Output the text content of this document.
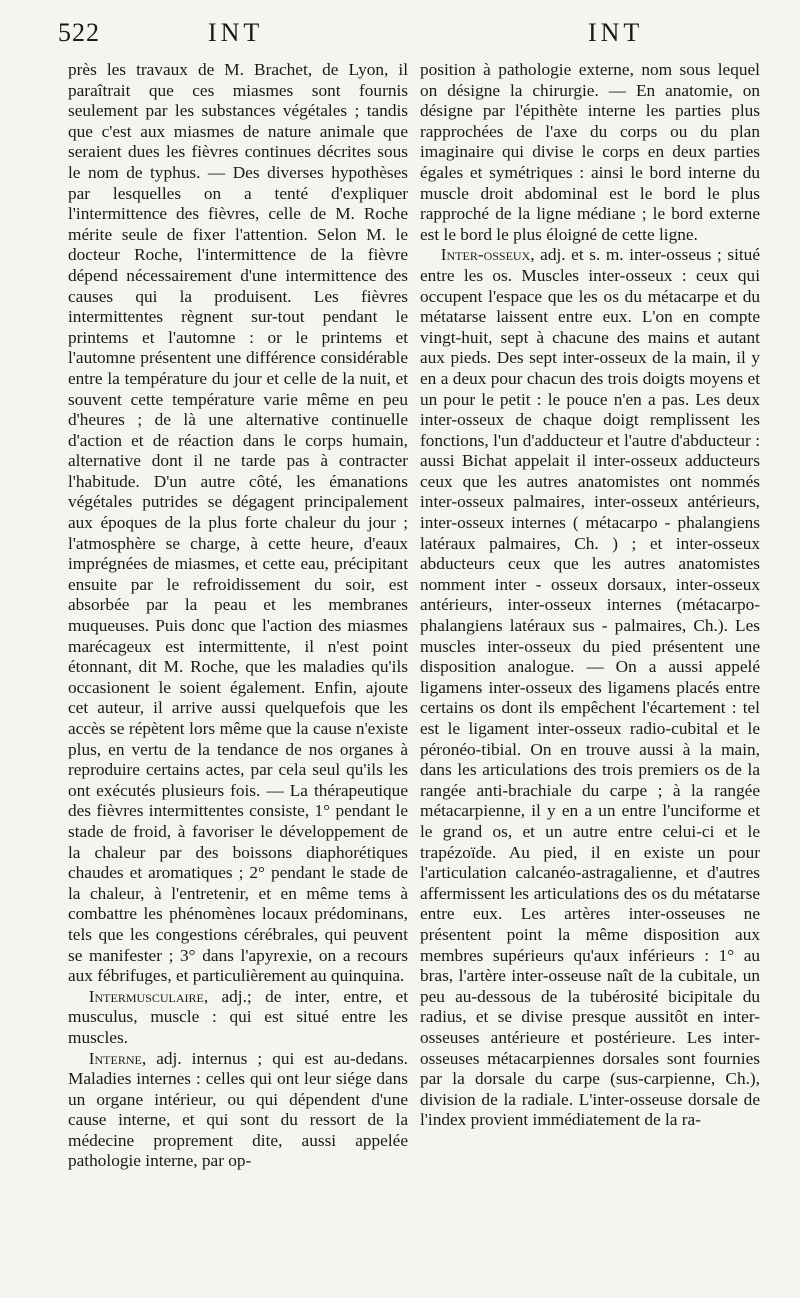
522	INT	INT

près les travaux de M. Brachet, de Lyon, il paraîtrait que ces miasmes sont fournis seulement par les substances végétales ; tandis que c'est aux miasmes de nature animale que seraient dues les fièvres continues décrites sous le nom de typhus. — Des diverses hypothèses par lesquelles on a tenté d'expliquer l'intermittence des fièvres, celle de M. Roche mérite seule de fixer l'attention. Selon M. le docteur Roche, l'intermittence de la fièvre dépend nécessairement d'une intermittence des causes qui la produisent. Les fièvres intermittentes règnent sur-tout pendant le printems et l'automne : or le printems et l'automne présentent une différence considérable entre la température du jour et celle de la nuit, et souvent cette température varie même en peu d'heures ; de là une alternative continuelle d'action et de réaction dans le corps humain, alternative dont il ne tarde pas à contracter l'habitude. D'un autre côté, les émanations végétales putrides se dégagent principalement aux époques de la plus forte chaleur du jour ; l'atmosphère se charge, à cette heure, d'eaux imprégnées de miasmes, et cette eau, précipitant ensuite par le refroidissement du soir, est absorbée par la peau et les membranes muqueuses. Puis donc que l'action des miasmes marécageux est intermittente, il n'est point étonnant, dit M. Roche, que les maladies qu'ils occasionent le soient également. Enfin, ajoute cet auteur, il arrive aussi quelquefois que les accès se répètent lors même que la cause n'existe plus, en vertu de la tendance de nos organes à reproduire certains actes, par cela seul qu'ils les ont exécutés plusieurs fois. — La thérapeutique des fièvres intermittentes consiste, 1° pendant le stade de froid, à favoriser le développement de la chaleur par des boissons diaphorétiques chaudes et aromatiques ; 2° pendant le stade de la chaleur, à l'entretenir, et en même tems à combattre les phénomènes locaux prédominans, tels que les congestions cérébrales, qui peuvent se manifester ; 3° dans l'apyrexie, on a recours aux fébrifuges, et particulièrement au quinquina.

Intermusculaire, adj.; de inter, entre, et musculus, muscle : qui est situé entre les muscles.

Interne, adj. internus ; qui est au-dedans. Maladies internes : celles qui ont leur siége dans un organe intérieur, ou qui dépendent d'une cause interne, et qui sont du ressort de la médecine proprement dite, aussi appelée pathologie interne, par op-

position à pathologie externe, nom sous lequel on désigne la chirurgie. — En anatomie, on désigne par l'épithète interne les parties plus rapprochées de l'axe du corps ou du plan imaginaire qui divise le corps en deux parties égales et symétriques : ainsi le bord interne du muscle droit abdominal est le bord le plus rapproché de la ligne médiane ; le bord externe est le bord le plus éloigné de cette ligne.

Inter-osseux, adj. et s. m. inter-osseus ; situé entre les os. Muscles inter-osseux : ceux qui occupent l'espace que les os du métacarpe et du métatarse laissent entre eux. L'on en compte vingt-huit, sept à chacune des mains et autant aux pieds. Des sept inter-osseux de la main, il y en a deux pour chacun des trois doigts moyens et un pour le petit : le pouce n'en a pas. Les deux inter-osseux de chaque doigt remplissent les fonctions, l'un d'adducteur et l'autre d'abducteur : aussi Bichat appelait il inter-osseux adducteurs ceux que les autres anatomistes ont nommés inter-osseux palmaires, inter-osseux antérieurs, inter-osseux internes ( métacarpo - phalangiens latéraux palmaires, Ch. ) ; et inter-osseux abducteurs ceux que les autres anatomistes nomment inter - osseux dorsaux, inter-osseux antérieurs, inter-osseux internes (métacarpo-phalangiens latéraux sus - palmaires, Ch.). Les muscles inter-osseux du pied présentent une disposition analogue. — On a aussi appelé ligamens inter-osseux des ligamens placés entre certains os dont ils empêchent l'écartement : tel est le ligament inter-osseux radio-cubital et le péronéo-tibial. On en trouve aussi à la main, dans les articulations des trois premiers os de la rangée anti-brachiale du carpe ; à la rangée métacarpienne, il y en a un entre l'unciforme et le grand os, et un autre entre celui-ci et le trapézoïde. Au pied, il en existe un pour l'articulation calcanéo-astragalienne, et d'autres affermissent les articulations des os du métatarse entre eux. Les artères inter-osseuses ne présentent point la même disposition aux membres supérieurs qu'aux inférieurs : 1° au bras, l'artère inter-osseuse naît de la cubitale, un peu au-dessous de la tubérosité bicipitale du radius, et se divise presque aussitôt en inter-osseuses antérieure et postérieure. Les inter-osseuses métacarpiennes dorsales sont fournies par la dorsale du carpe (sus-carpienne, Ch.), division de la radiale. L'inter-osseuse dorsale de l'index provient immédiatement de la ra-
